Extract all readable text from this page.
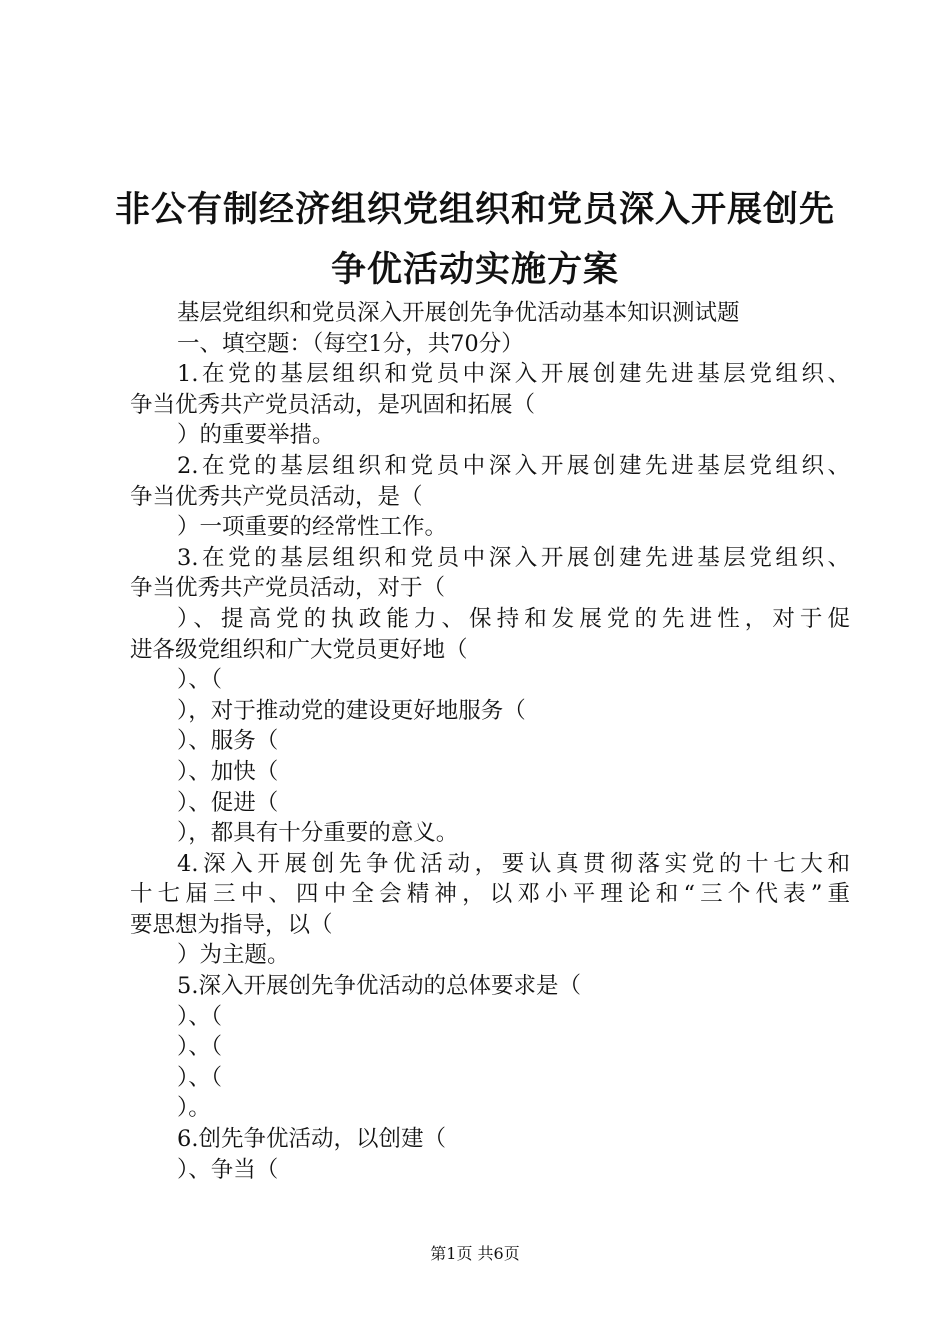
非公有制经济组织党组织和党员深入开展创先
争优活动实施方案
基层党组织和党员深入开展创先争优活动基本知识测试题
一、填空题：（每空1分，共70分）
1.在党的基层组织和党员中深入开展创建先进基层党组织、
争当优秀共产党员活动，是巩固和拓展（
）的重要举措。
2.在党的基层组织和党员中深入开展创建先进基层党组织、
争当优秀共产党员活动，是（
）一项重要的经常性工作。
3.在党的基层组织和党员中深入开展创建先进基层党组织、
争当优秀共产党员活动，对于（
）、提高党的执政能力、保持和发展党的先进性，对于促
进各级党组织和广大党员更好地（
）、（
），对于推动党的建设更好地服务（
）、服务（
）、加快（
）、促进（
），都具有十分重要的意义。
4.深入开展创先争优活动，要认真贯彻落实党的十七大和
十七届三中、四中全会精神，以邓小平理论和“三个代表”重
要思想为指导，以（
）为主题。
5.深入开展创先争优活动的总体要求是（
）、（
）、（
）、（
）。
6.创先争优活动，以创建（
）、争当（
第1页 共6页
